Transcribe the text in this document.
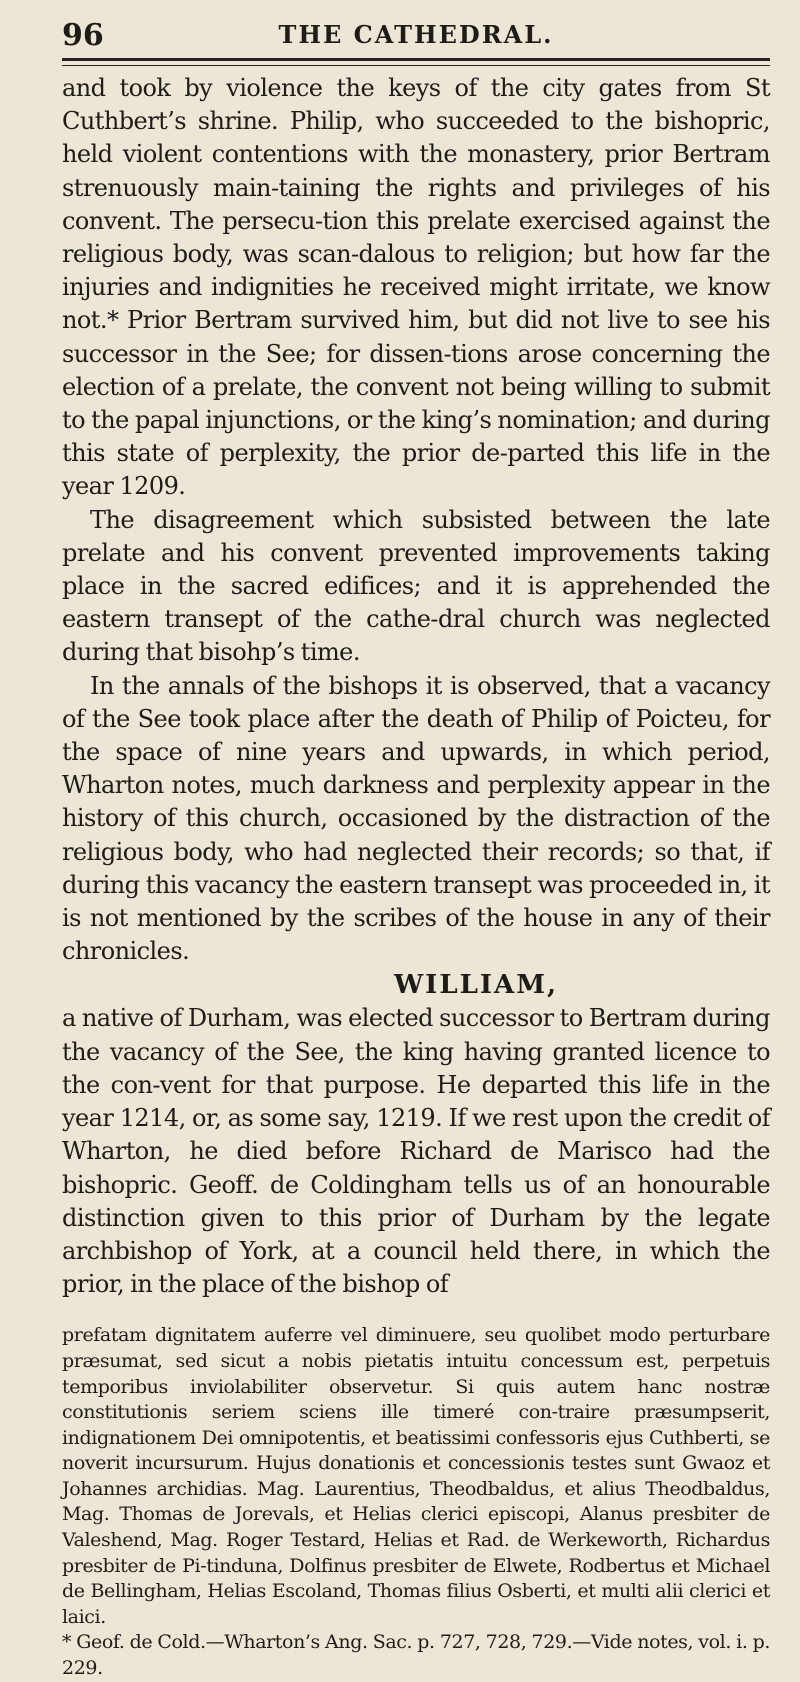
96	THE CATHEDRAL.

and took by violence the keys of the city gates from St Cuthbert’s shrine. Philip, who succeeded to the bishopric, held violent contentions with the monastery, prior Bertram strenuously main-taining the rights and privileges of his convent. The persecu-tion this prelate exercised against the religious body, was scan-dalous to religion; but how far the injuries and indignities he received might irritate, we know not.* Prior Bertram survived him, but did not live to see his successor in the See; for dissen-tions arose concerning the election of a prelate, the convent not being willing to submit to the papal injunctions, or the king’s nomination; and during this state of perplexity, the prior de-parted this life in the year 1209.

The disagreement which subsisted between the late prelate and his convent prevented improvements taking place in the sacred edifices; and it is apprehended the eastern transept of the cathe-dral church was neglected during that bisohp’s time.

In the annals of the bishops it is observed, that a vacancy of the See took place after the death of Philip of Poicteu, for the space of nine years and upwards, in which period, Wharton notes, much darkness and perplexity appear in the history of this church, occasioned by the distraction of the religious body, who had neglected their records; so that, if during this vacancy the eastern transept was proceeded in, it is not mentioned by the scribes of the house in any of their chronicles.

WILLIAM,

a native of Durham, was elected successor to Bertram during the vacancy of the See, the king having granted licence to the con-vent for that purpose. He departed this life in the year 1214, or, as some say, 1219. If we rest upon the credit of Wharton, he died before Richard de Marisco had the bishopric. Geoff. de Coldingham tells us of an honourable distinction given to this prior of Durham by the legate archbishop of York, at a council held there, in which the prior, in the place of the bishop of

prefatam dignitatem auferre vel diminuere, seu quolibet modo perturbare præsumat, sed sicut a nobis pietatis intuitu concessum est, perpetuis temporibus inviolabiliter observetur. Si quis autem hanc nostræ constitutionis seriem sciens ille timeré con-traire præsumpserit, indignationem Dei omnipotentis, et beatissimi confessoris ejus Cuthberti, se noverit incursurum. Hujus donationis et concessionis testes sunt Gwaoz et Johannes archidias. Mag. Laurentius, Theodbaldus, et alius Theodbaldus, Mag. Thomas de Jorevals, et Helias clerici episcopi, Alanus presbiter de Valeshend, Mag. Roger Testard, Helias et Rad. de Werkeworth, Richardus presbiter de Pi-tinduna, Dolfinus presbiter de Elwete, Rodbertus et Michael de Bellingham, Helias Escoland, Thomas filius Osberti, et multi alii clerici et laici.

* Geof. de Cold.—Wharton’s Ang. Sac. p. 727, 728, 729.—Vide notes, vol. i. p. 229.
